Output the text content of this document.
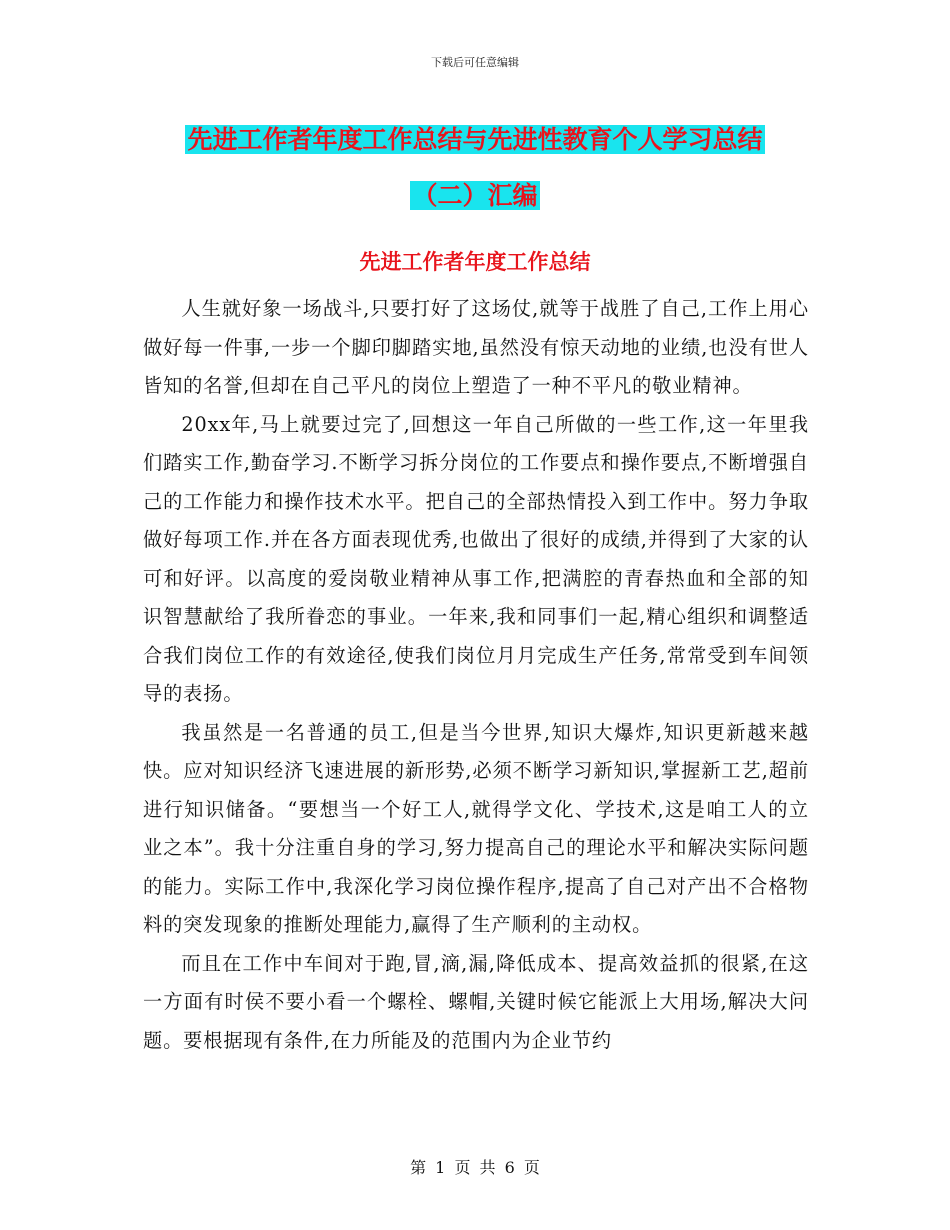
下载后可任意编辑
先进工作者年度工作总结与先进性教育个人学习总结
（二）汇编
先进工作者年度工作总结

人生就好象一场战斗,只要打好了这场仗,就等于战胜了自己,工作上用心做好每一件事,一步一个脚印脚踏实地,虽然没有惊天动地的业绩,也没有世人皆知的名誉,但却在自己平凡的岗位上塑造了一种不平凡的敬业精神。

20xx年,马上就要过完了,回想这一年自己所做的一些工作,这一年里我们踏实工作,勤奋学习.不断学习拆分岗位的工作要点和操作要点,不断增强自己的工作能力和操作技术水平。把自己的全部热情投入到工作中。努力争取做好每项工作.并在各方面表现优秀,也做出了很好的成绩,并得到了大家的认可和好评。以高度的爱岗敬业精神从事工作,把满腔的青春热血和全部的知识智慧献给了我所眷恋的事业。一年来,我和同事们一起,精心组织和调整适合我们岗位工作的有效途径,使我们岗位月月完成生产任务,常常受到车间领导的表扬。

我虽然是一名普通的员工,但是当今世界,知识大爆炸,知识更新越来越快。应对知识经济飞速进展的新形势,必须不断学习新知识,掌握新工艺,超前进行知识储备。“要想当一个好工人,就得学文化、学技术,这是咱工人的立业之本”。我十分注重自身的学习,努力提高自己的理论水平和解决实际问题的能力。实际工作中,我深化学习岗位操作程序,提高了自己对产出不合格物料的突发现象的推断处理能力,赢得了生产顺利的主动权。

而且在工作中车间对于跑,冒,滴,漏,降低成本、提高效益抓的很紧,在这一方面有时侯不要小看一个螺栓、螺帽,关键时候它能派上大用场,解决大问题。要根据现有条件,在力所能及的范围内为企业节约

第 1 页 共 6 页
